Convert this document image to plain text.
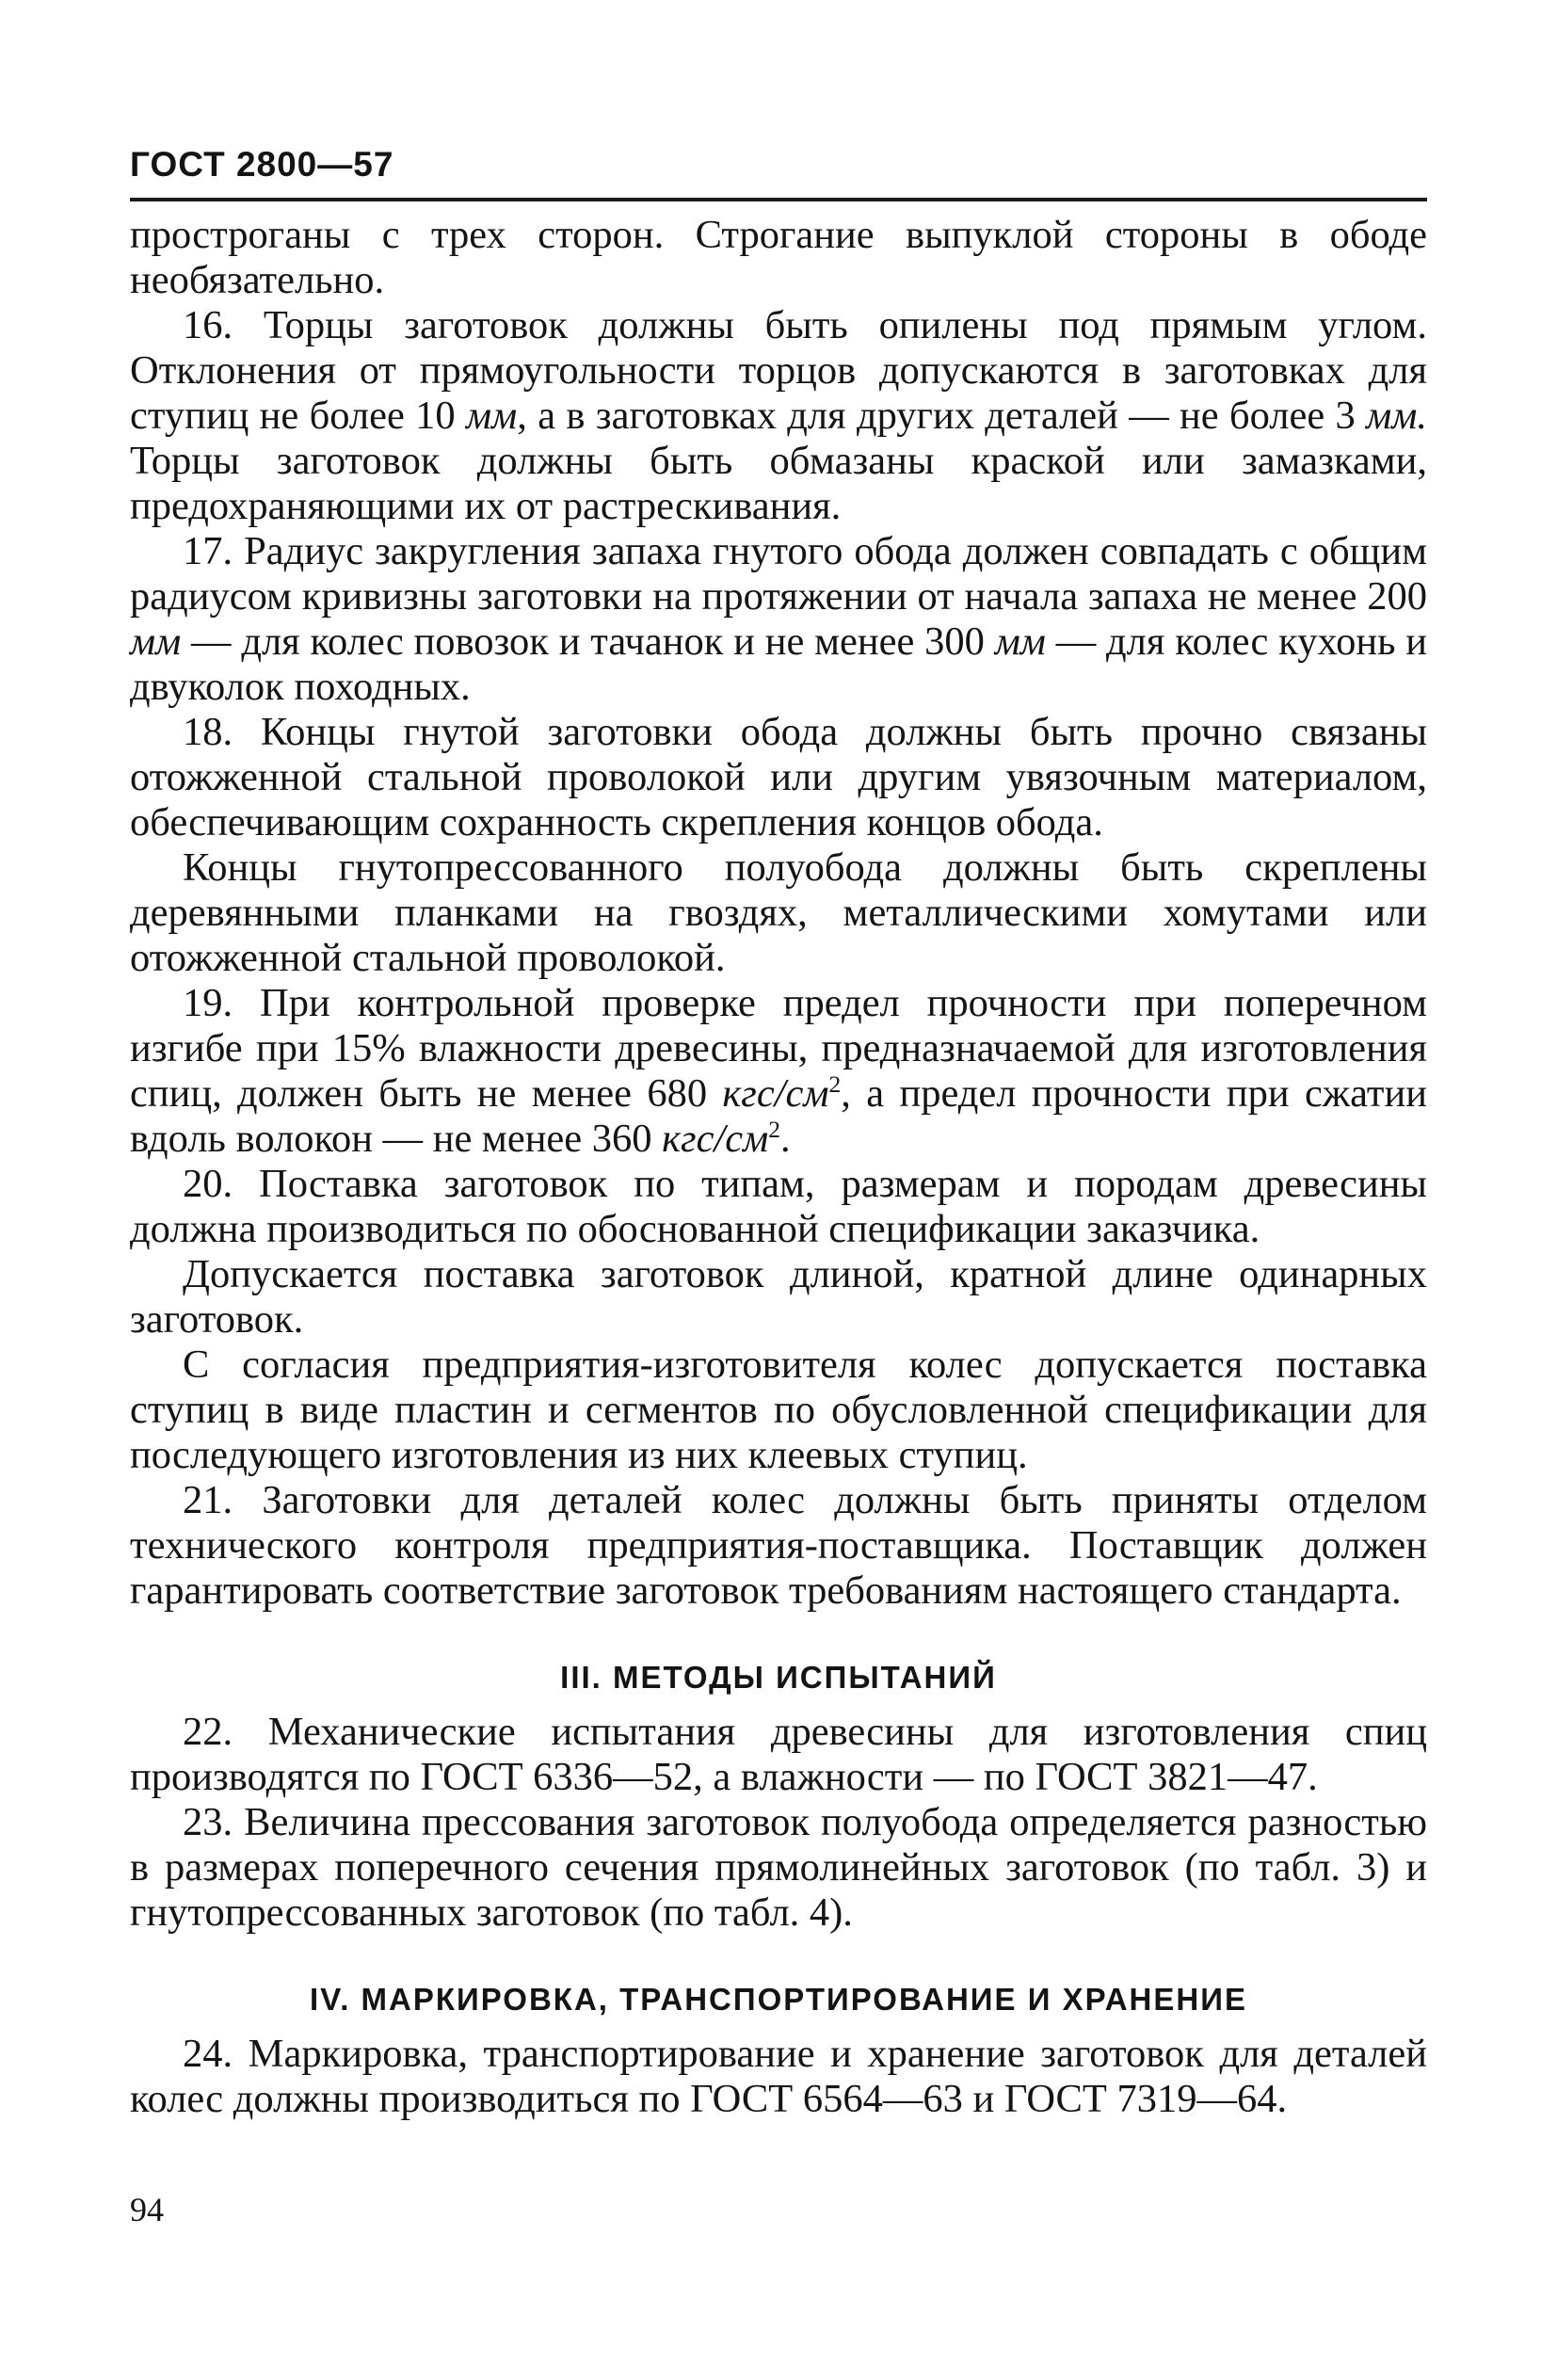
ГОСТ 2800—57

простроганы с трех сторон. Строгание выпуклой стороны в ободе необязательно.

16. Торцы заготовок должны быть опилены под прямым углом. Отклонения от прямоугольности торцов допускаются в заготовках для ступиц не более 10 мм, а в заготовках для других деталей — не более 3 мм. Торцы заготовок должны быть обмазаны краской или замазками, предохраняющими их от растрескивания.

17. Радиус закругления запаха гнутого обода должен совпадать с общим радиусом кривизны заготовки на протяжении от начала запаха не менее 200 мм — для колес повозок и тачанок и не менее 300 мм — для колес кухонь и двуколок походных.

18. Концы гнутой заготовки обода должны быть прочно связаны отожженной стальной проволокой или другим увязочным материалом, обеспечивающим сохранность скрепления концов обода.

Концы гнутопрессованного полуобода должны быть скреплены деревянными планками на гвоздях, металлическими хомутами или отожженной стальной проволокой.

19. При контрольной проверке предел прочности при поперечном изгибе при 15% влажности древесины, предназначаемой для изготовления спиц, должен быть не менее 680 кгс/$см^2$, а предел прочности при сжатии вдоль волокон — не менее 360 кгс/$см^2$.

20. Поставка заготовок по типам, размерам и породам древесины должна производиться по обоснованной спецификации заказчика.

Допускается поставка заготовок длиной, кратной длине одинарных заготовок.

С согласия предприятия-изготовителя колес допускается поставка ступиц в виде пластин и сегментов по обусловленной спецификации для последующего изготовления из них клеевых ступиц.

21. Заготовки для деталей колес должны быть приняты отделом технического контроля предприятия-поставщика. Поставщик должен гарантировать соответствие заготовок требованиям настоящего стандарта.

III. МЕТОДЫ ИСПЫТАНИЙ

22. Механические испытания древесины для изготовления спиц производятся по ГОСТ 6336—52, а влажности — по ГОСТ 3821—47.

23. Величина прессования заготовок полуобода определяется разностью в размерах поперечного сечения прямолинейных заготовок (по табл. 3) и гнутопрессованных заготовок (по табл. 4).

IV. МАРКИРОВКА, ТРАНСПОРТИРОВАНИЕ И ХРАНЕНИЕ

24. Маркировка, транспортирование и хранение заготовок для деталей колес должны производиться по ГОСТ 6564—63 и ГОСТ 7319—64.

94
